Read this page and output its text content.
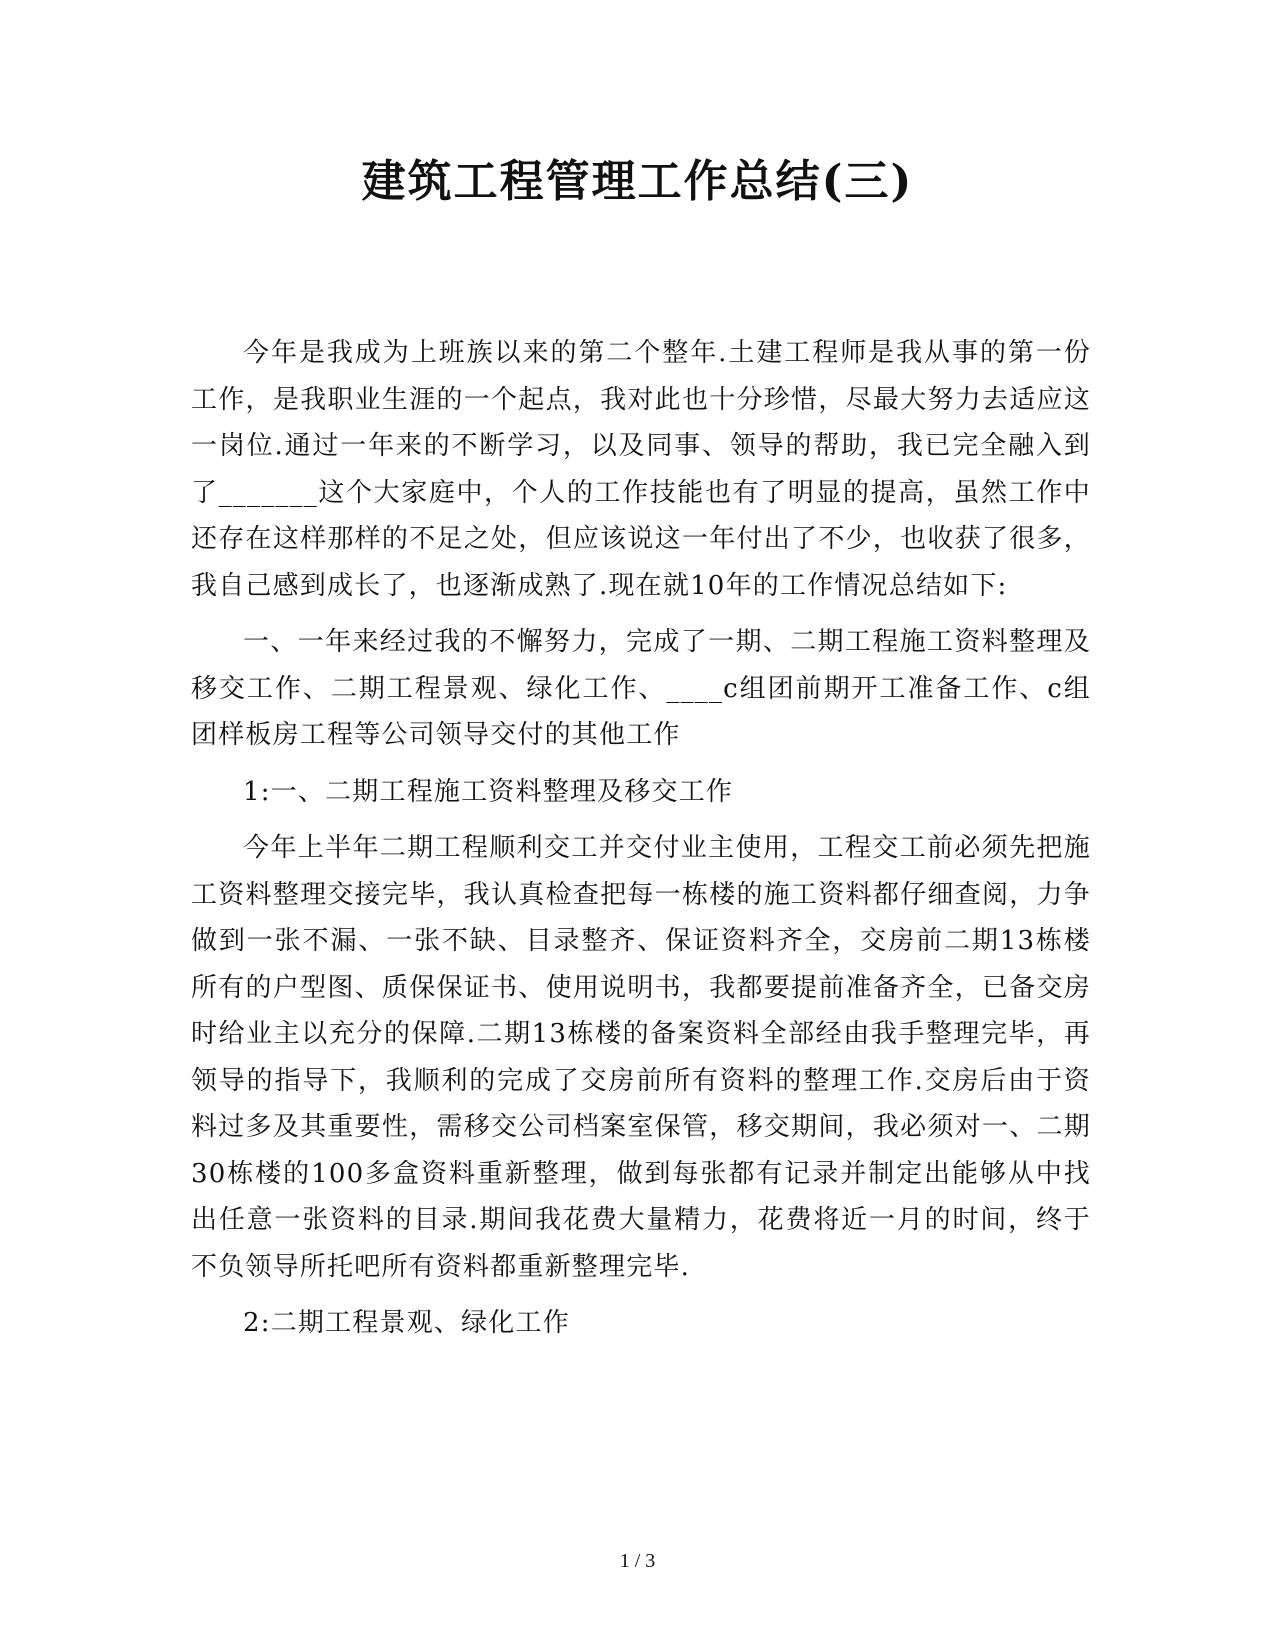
建筑工程管理工作总结(三)

今年是我成为上班族以来的第二个整年.土建工程师是我从事的第一份工作，是我职业生涯的一个起点，我对此也十分珍惜，尽最大努力去适应这一岗位.通过一年来的不断学习，以及同事、领导的帮助，我已完全融入到了_______这个大家庭中，个人的工作技能也有了明显的提高，虽然工作中还存在这样那样的不足之处，但应该说这一年付出了不少，也收获了很多，我自己感到成长了，也逐渐成熟了.现在就10年的工作情况总结如下:

一、一年来经过我的不懈努力，完成了一期、二期工程施工资料整理及移交工作、二期工程景观、绿化工作、____c组团前期开工准备工作、c组团样板房工程等公司领导交付的其他工作

1:一、二期工程施工资料整理及移交工作

今年上半年二期工程顺利交工并交付业主使用，工程交工前必须先把施工资料整理交接完毕，我认真检查把每一栋楼的施工资料都仔细查阅，力争做到一张不漏、一张不缺、目录整齐、保证资料齐全，交房前二期13栋楼所有的户型图、质保保证书、使用说明书，我都要提前准备齐全，已备交房时给业主以充分的保障.二期13栋楼的备案资料全部经由我手整理完毕，再领导的指导下，我顺利的完成了交房前所有资料的整理工作.交房后由于资料过多及其重要性，需移交公司档案室保管，移交期间，我必须对一、二期30栋楼的100多盒资料重新整理，做到每张都有记录并制定出能够从中找出任意一张资料的目录.期间我花费大量精力，花费将近一月的时间，终于不负领导所托吧所有资料都重新整理完毕.

2:二期工程景观、绿化工作

1 / 3
